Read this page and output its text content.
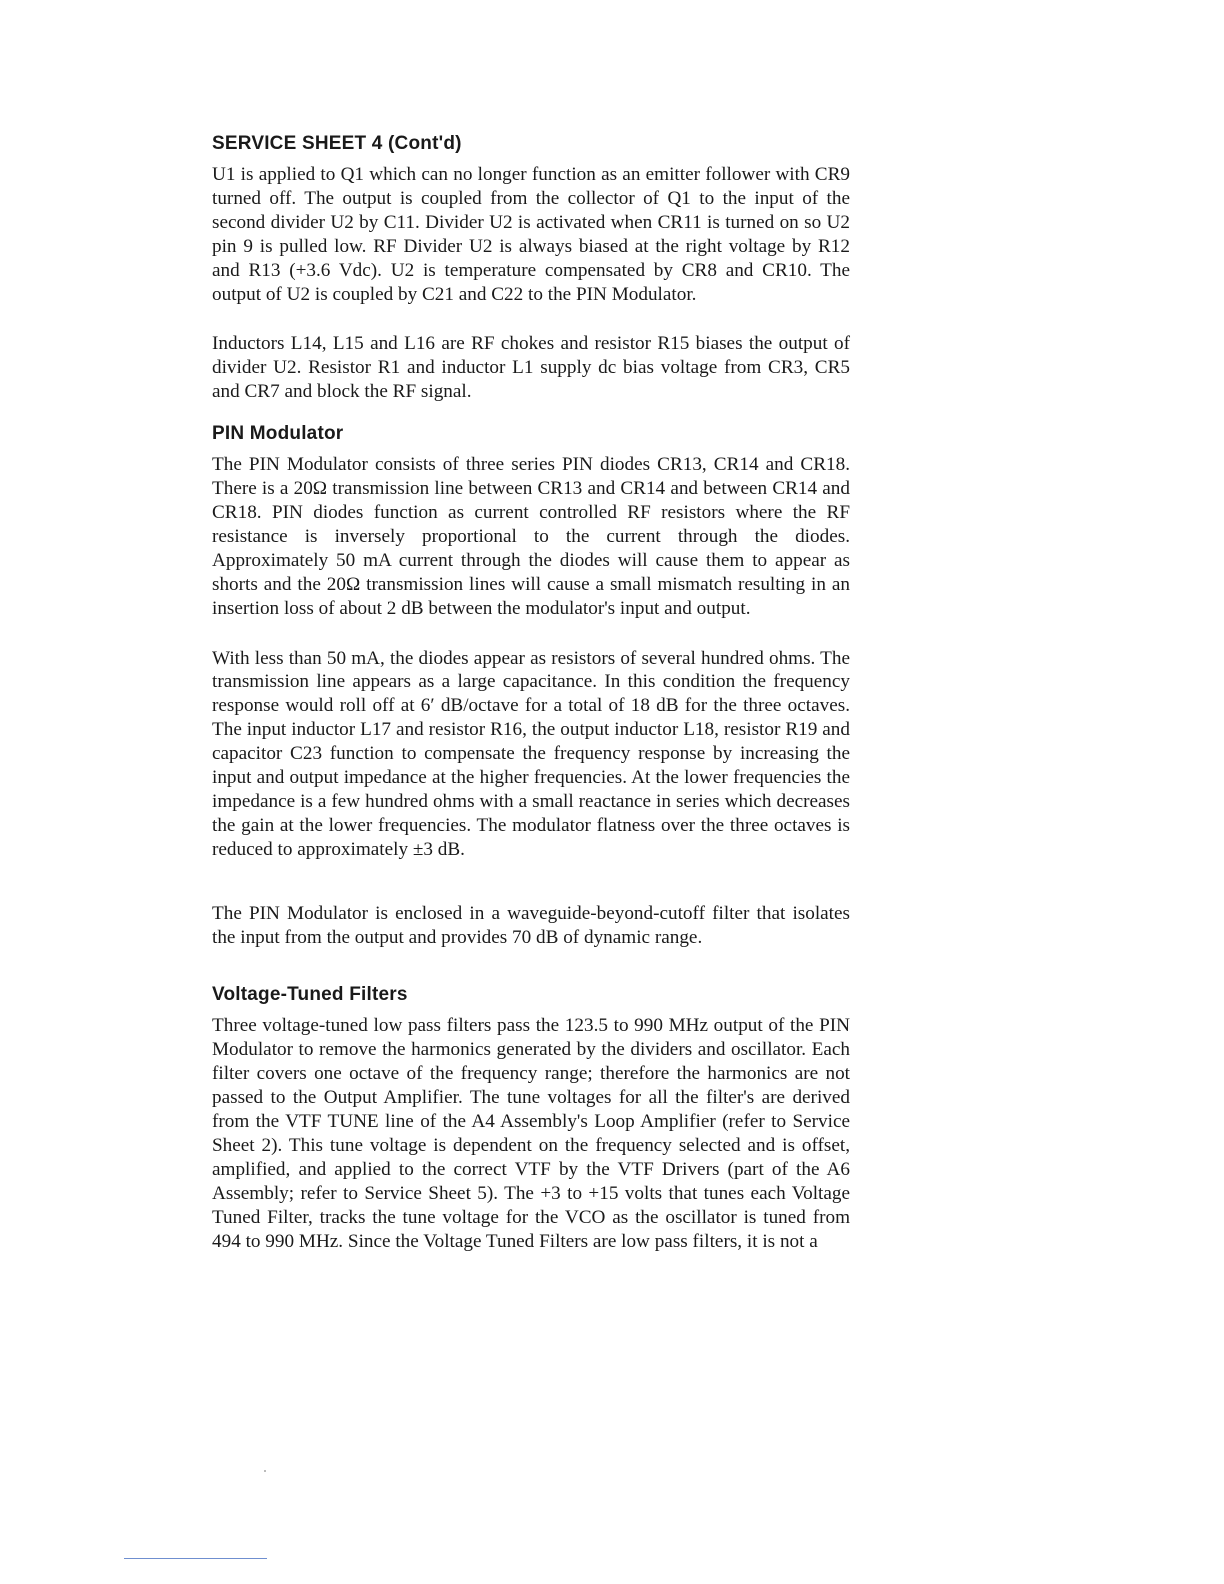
SERVICE SHEET 4 (Cont'd)

U1 is applied to Q1 which can no longer function as an emitter follower with CR9 turned off. The output is coupled from the collector of Q1 to the input of the second divider U2 by C11. Divider U2 is activated when CR11 is turned on so U2 pin 9 is pulled low. RF Divider U2 is always biased at the right voltage by R12 and R13 (+3.6 Vdc). U2 is temperature compensated by CR8 and CR10. The output of U2 is coupled by C21 and C22 to the PIN Modulator.

Inductors L14, L15 and L16 are RF chokes and resistor R15 biases the output of divider U2. Resistor R1 and inductor L1 supply dc bias voltage from CR3, CR5 and CR7 and block the RF signal.

PIN Modulator

The PIN Modulator consists of three series PIN diodes CR13, CR14 and CR18. There is a 20Ω transmission line between CR13 and CR14 and between CR14 and CR18. PIN diodes function as current controlled RF resistors where the RF resistance is inversely proportional to the current through the diodes. Approximately 50 mA current through the diodes will cause them to appear as shorts and the 20Ω transmission lines will cause a small mismatch resulting in an insertion loss of about 2 dB between the modulator's input and output.

With less than 50 mA, the diodes appear as resistors of several hundred ohms. The transmission line appears as a large capacitance. In this condition the frequency response would roll off at 6′ dB/octave for a total of 18 dB for the three octaves. The input inductor L17 and resistor R16, the output inductor L18, resistor R19 and capacitor C23 function to compensate the frequency response by increasing the input and output impedance at the higher frequencies. At the lower frequencies the impedance is a few hundred ohms with a small reactance in series which decreases the gain at the lower frequencies. The modulator flatness over the three octaves is reduced to approximately ±3 dB.

The PIN Modulator is enclosed in a waveguide-beyond-cutoff filter that isolates the input from the output and provides 70 dB of dynamic range.

Voltage-Tuned Filters

Three voltage-tuned low pass filters pass the 123.5 to 990 MHz output of the PIN Modulator to remove the harmonics generated by the dividers and oscillator. Each filter covers one octave of the frequency range; therefore the harmonics are not passed to the Output Amplifier. The tune voltages for all the filter's are derived from the VTF TUNE line of the A4 Assembly's Loop Amplifier (refer to Service Sheet 2). This tune voltage is dependent on the frequency selected and is offset, amplified, and applied to the correct VTF by the VTF Drivers (part of the A6 Assembly; refer to Service Sheet 5). The +3 to +15 volts that tunes each Voltage Tuned Filter, tracks the tune voltage for the VCO as the oscillator is tuned from 494 to 990 MHz. Since the Voltage Tuned Filters are low pass filters, it is not a
